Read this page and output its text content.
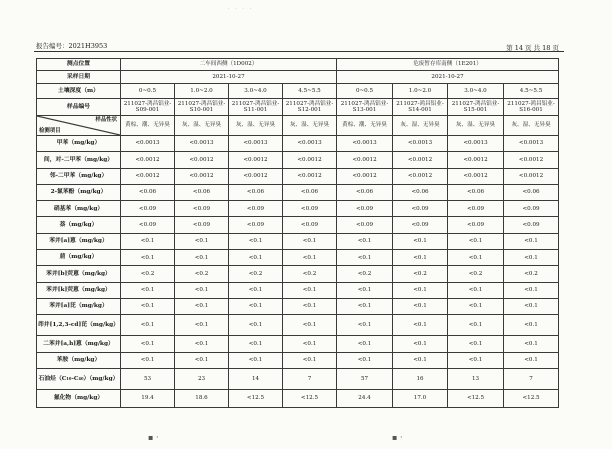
· · · ·
报告编号：2021H3953	第 14 页 共 18 页
测点位置	二车间西侧（1D002）				危废暂存库南侧（1E201）			
采样日期	2021-10-27				2021-10-27			
土壤深度（m）	0~0.5	1.0~2.0	3.0~4.0	4.5~5.5	0~0.5	1.0~2.0	3.0~4.0	4.5~5.5
样品编号	211027-鸿昌铝业-S09-001	211027-鸿昌铝业-S10-001	211027-鸿昌铝业-S11-001	211027-鸿昌铝业-S12-001	211027-鸿昌铝业-S13-001	211027-鸿昌铝业-S14-001	211027-鸿昌铝业-S15-001	211027-鸿昌铝业-S16-001

样品性状
检测项目	黄棕、潮、无异臭	灰、湿、无异臭	灰、湿、无异臭	灰、湿、无异臭	黄棕、潮、无异臭	灰、湿、无异臭	灰、湿、无异臭	灰、湿、无异臭
甲苯（mg/kg）	<0.0013	<0.0013	<0.0013	<0.0013	<0.0013	<0.0013	<0.0013	<0.0013
间，对-二甲苯（mg/kg）	<0.0012	<0.0012	<0.0012	<0.0012	<0.0012	<0.0012	<0.0012	<0.0012
邻-二甲苯（mg/kg）	<0.0012	<0.0012	<0.0012	<0.0012	<0.0012	<0.0012	<0.0012	<0.0012
2-氯苯酚（mg/kg）	<0.06	<0.06	<0.06	<0.06	<0.06	<0.06	<0.06	<0.06
硝基苯（mg/kg）	<0.09	<0.09	<0.09	<0.09	<0.09	<0.09	<0.09	<0.09
萘（mg/kg）	<0.09	<0.09	<0.09	<0.09	<0.09	<0.09	<0.09	<0.09
苯并[a]蒽（mg/kg）	<0.1	<0.1	<0.1	<0.1	<0.1	<0.1	<0.1	<0.1
䓛（mg/kg）	<0.1	<0.1	<0.1	<0.1	<0.1	<0.1	<0.1	<0.1
苯并[b]荧蒽（mg/kg）	<0.2	<0.2	<0.2	<0.2	<0.2	<0.2	<0.2	<0.2
苯并[k]荧蒽（mg/kg）	<0.1	<0.1	<0.1	<0.1	<0.1	<0.1	<0.1	<0.1
苯并[a]芘（mg/kg）	<0.1	<0.1	<0.1	<0.1	<0.1	<0.1	<0.1	<0.1
茚并[1,2,3-cd]芘（mg/kg）	<0.1	<0.1	<0.1	<0.1	<0.1	<0.1	<0.1	<0.1
二苯并[a,h]蒽（mg/kg）	<0.1	<0.1	<0.1	<0.1	<0.1	<0.1	<0.1	<0.1
苯胺（mg/kg）	<0.1	<0.1	<0.1	<0.1	<0.1	<0.1	<0.1	<0.1
石油烃（C₁₀-C₄₀）（mg/kg）	53	23	14	7	57	16	13	7
氟化物（mg/kg）	19.4	18.6	<12.5	<12.5	24.4	17.0	<12.5	<12.5
▪ ·	▪ ·
